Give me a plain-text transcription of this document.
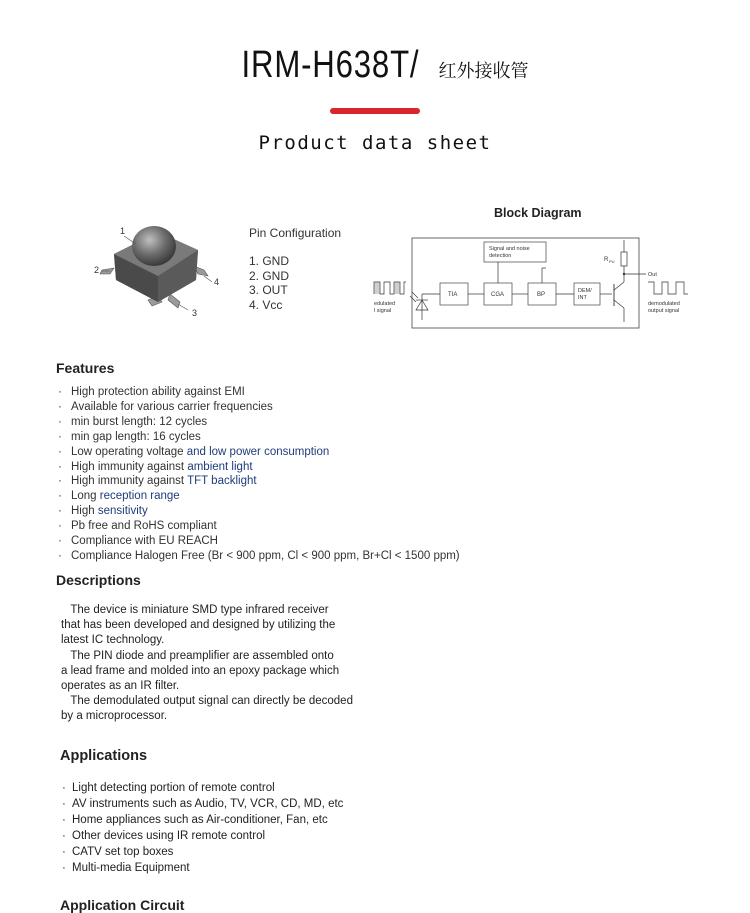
IRM-H638T/ 红外接收管
Product data sheet
1
2
3
4
Pin Configuration
1. GND
2. GND
3. OUT
4. Vcc
Block Diagram
edulated
l signal
Signal and noise
detection
TIA	CGA	BP
DEM/
INT
R PU
Out
demodulated
output signal
Features
· High protection ability against EMI
· Available for various carrier frequencies
· min burst length: 12 cycles
· min gap length: 16 cycles
· Low operating voltage and low power consumption
· High immunity against ambient light
· High immunity against TFT backlight
· Long reception range
· High sensitivity
· Pb free and RoHS compliant
· Compliance with EU REACH
· Compliance Halogen Free (Br < 900 ppm, Cl < 900 ppm, Br+Cl < 1500 ppm)
Descriptions
The device is miniature SMD type infrared receiver
that has been developed and designed by utilizing the
latest IC technology.
The PIN diode and preamplifier are assembled onto
a lead frame and molded into an epoxy package which
operates as an IR filter.
The demodulated output signal can directly be decoded
by a microprocessor.
Applications
· Light detecting portion of remote control
· AV instruments such as Audio, TV, VCR, CD, MD, etc
· Home appliances such as Air-conditioner, Fan, etc
· Other devices using IR remote control
· CATV set top boxes
· Multi-media Equipment
Application Circuit
